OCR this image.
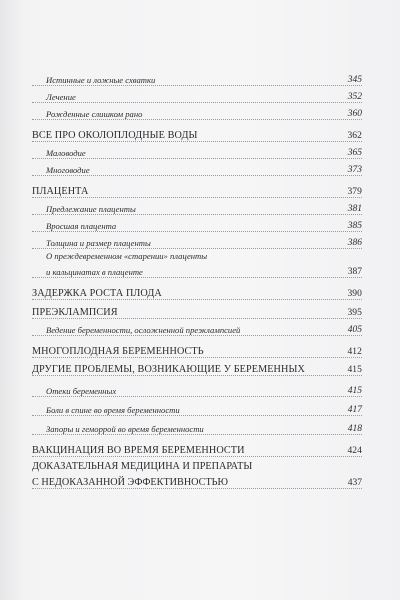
Истинные и ложные схватки	345
Лечение	352
Рожденные слишком рано	360
ВСЕ ПРО ОКОЛОПЛОДНЫЕ ВОДЫ	362
Маловодие	365
Многоводие	373
ПЛАЦЕНТА	379
Предлежание плаценты	381
Вросшая плацента	385
Толщина и размер плаценты	386
О преждевременном «старении» плаценты
и кальцинатах в плаценте	387
ЗАДЕРЖКА РОСТА ПЛОДА	390
ПРЕЭКЛАМПСИЯ	395
Ведение беременности, осложненной преэклампсией	405
МНОГОПЛОДНАЯ БЕРЕМЕННОСТЬ	412
ДРУГИЕ ПРОБЛЕМЫ, ВОЗНИКАЮЩИЕ У БЕРЕМЕННЫХ	415
Отеки беременных	415
Боли в спине во время беременности	417
Запоры и геморрой во время беременности	418
ВАКЦИНАЦИЯ ВО ВРЕМЯ БЕРЕМЕННОСТИ	424
ДОКАЗАТЕЛЬНАЯ МЕДИЦИНА И ПРЕПАРАТЫ
С НЕДОКАЗАННОЙ ЭФФЕКТИВНОСТЬЮ	437
